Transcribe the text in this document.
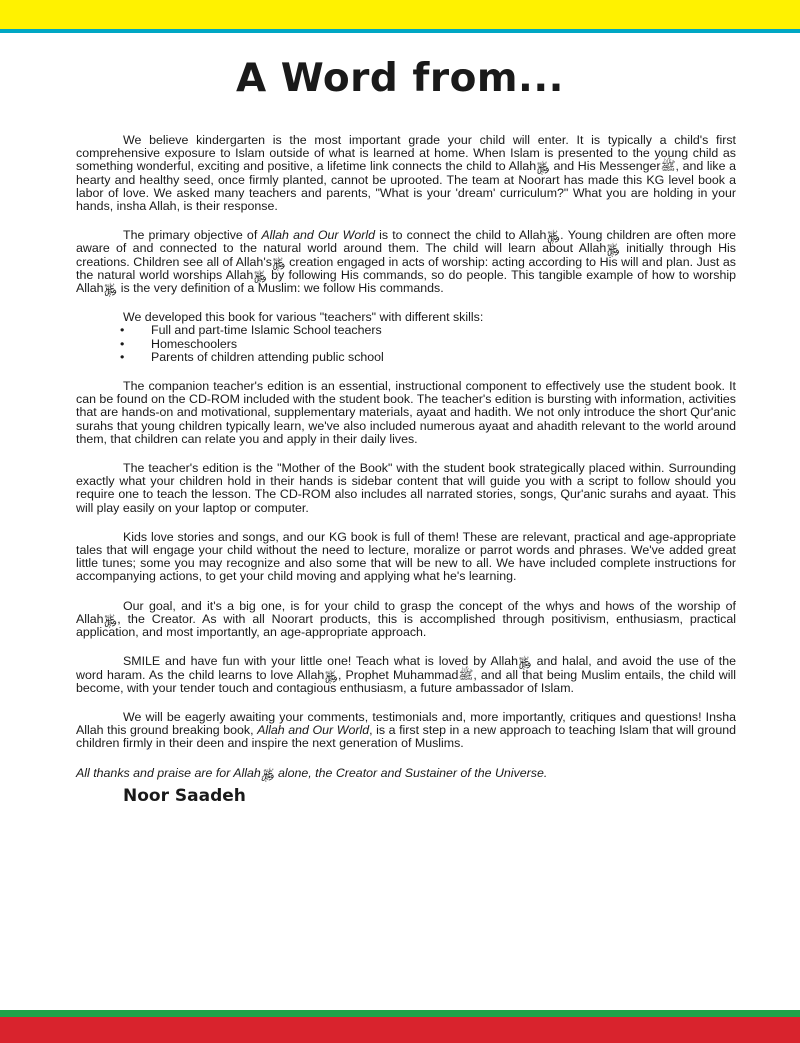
A Word from...

We believe kindergarten is the most important grade your child will enter. It is typically a child's first comprehensive exposure to Islam outside of what is learned at home. When Islam is presented to the young child as something wonderful, exciting and positive, a lifetime link connects the child to Allah﷿ and His Messengerﷺ, and like a hearty and healthy seed, once firmly planted, cannot be uprooted. The team at Noorart has made this KG level book a labor of love. We asked many teachers and parents, "What is your 'dream' curriculum?" What you are holding in your hands, insha Allah, is their response.

The primary objective of Allah and Our World is to connect the child to Allah﷿. Young children are often more aware of and connected to the natural world around them. The child will learn about Allah﷿ initially through His creations. Children see all of Allah's﷿ creation engaged in acts of worship: acting according to His will and plan. Just as the natural world worships Allah﷿ by following His commands, so do people. This tangible example of how to worship Allah﷿ is the very definition of a Muslim: we follow His commands.

We developed this book for various "teachers" with different skills:
• Full and part-time Islamic School teachers
• Homeschoolers
• Parents of children attending public school

The companion teacher's edition is an essential, instructional component to effectively use the student book. It can be found on the CD-ROM included with the student book. The teacher's edition is bursting with information, activities that are hands-on and motivational, supplementary materials, ayaat and hadith. We not only introduce the short Qur'anic surahs that young children typically learn, we've also included numerous ayaat and ahadith relevant to the world around them, that children can relate you and apply in their daily lives.

The teacher's edition is the "Mother of the Book" with the student book strategically placed within. Surrounding exactly what your children hold in their hands is sidebar content that will guide you with a script to follow should you require one to teach the lesson. The CD-ROM also includes all narrated stories, songs, Qur'anic surahs and ayaat. This will play easily on your laptop or computer.

Kids love stories and songs, and our KG book is full of them! These are relevant, practical and age-appropriate tales that will engage your child without the need to lecture, moralize or parrot words and phrases. We've added great little tunes; some you may recognize and also some that will be new to all. We have included complete instructions for accompanying actions, to get your child moving and applying what he's learning.

Our goal, and it's a big one, is for your child to grasp the concept of the whys and hows of the worship of Allah﷿, the Creator. As with all Noorart products, this is accomplished through positivism, enthusiasm, practical application, and most importantly, an age-appropriate approach.

SMILE and have fun with your little one! Teach what is loved by Allah﷿ and halal, and avoid the use of the word haram. As the child learns to love Allah﷿, Prophet Muhammadﷺ, and all that being Muslim entails, the child will become, with your tender touch and contagious enthusiasm, a future ambassador of Islam.

We will be eagerly awaiting your comments, testimonials and, more importantly, critiques and questions! Insha Allah this ground breaking book, Allah and Our World, is a first step in a new approach to teaching Islam that will ground children firmly in their deen and inspire the next generation of Muslims.

All thanks and praise are for Allah﷿ alone, the Creator and Sustainer of the Universe.

Noor Saadeh
